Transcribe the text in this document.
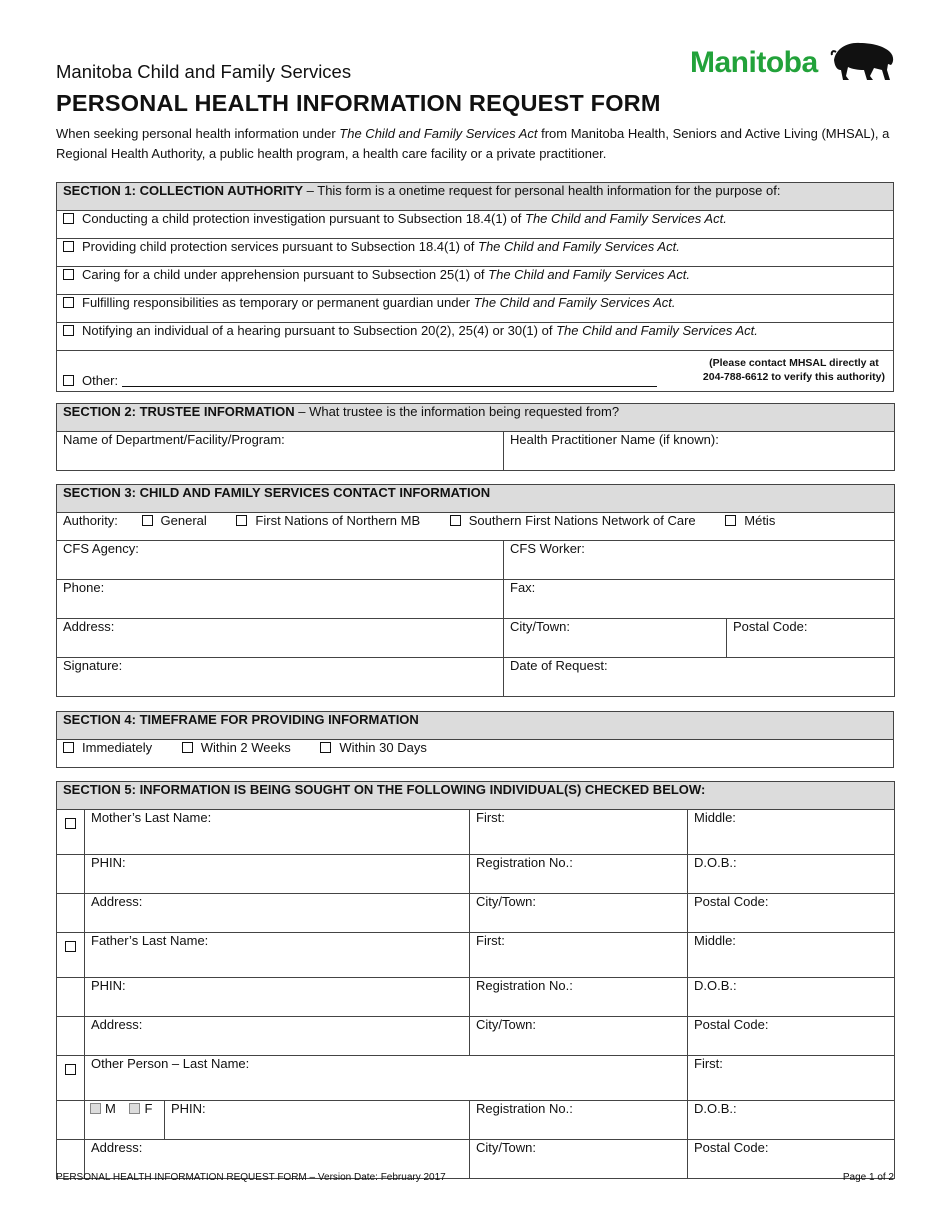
Manitoba Child and Family Services
PERSONAL HEALTH INFORMATION REQUEST FORM
When seeking personal health information under The Child and Family Services Act from Manitoba Health, Seniors and Active Living (MHSAL), a Regional Health Authority, a public health program, a health care facility or a private practitioner.
Manitoba
SECTION 1: COLLECTION AUTHORITY – This form is a onetime request for personal health information for the purpose of:
Conducting a child protection investigation pursuant to Subsection 18.4(1) of The Child and Family Services Act.
Providing child protection services pursuant to Subsection 18.4(1) of The Child and Family Services Act.
Caring for a child under apprehension pursuant to Subsection 25(1) of The Child and Family Services Act.
Fulfilling responsibilities as temporary or permanent guardian under The Child and Family Services Act.
Notifying an individual of a hearing pursuant to Subsection 20(2), 25(4) or 30(1) of The Child and Family Services Act.
Other:
(Please contact MHSAL directly at
204-788-6612 to verify this authority)
SECTION 2: TRUSTEE INFORMATION – What trustee is the information being requested from?
Name of Department/Facility/Program:	Health Practitioner Name (if known):
SECTION 3: CHILD AND FAMILY SERVICES CONTACT INFORMATION		
Authority: General First Nations of Northern MB Southern First Nations Network of Care Métis		
CFS Agency:	CFS Worker:	
Phone:	Fax:	
Address:	City/Town:	Postal Code:
Signature:	Date of Request:	
SECTION 4: TIMEFRAME FOR PROVIDING INFORMATION
Immediately	Within 2 Weeks	Within 30 Days
SECTION 5: INFORMATION IS BEING SOUGHT ON THE FOLLOWING INDIVIDUAL(S) CHECKED BELOW:				
	Mother’s Last Name:		First:	Middle:
	PHIN:		Registration No.:	D.O.B.:
	Address:		City/Town:	Postal Code:
	Father’s Last Name:		First:	Middle:
	PHIN:		Registration No.:	D.O.B.:
	Address:		City/Town:	Postal Code:
	Other Person – Last Name:			First:
	M F	PHIN:	Registration No.:	D.O.B.:
	Address:		City/Town:	Postal Code:
PERSONAL HEALTH INFORMATION REQUEST FORM – Version Date: February 2017	Page 1 of 2
